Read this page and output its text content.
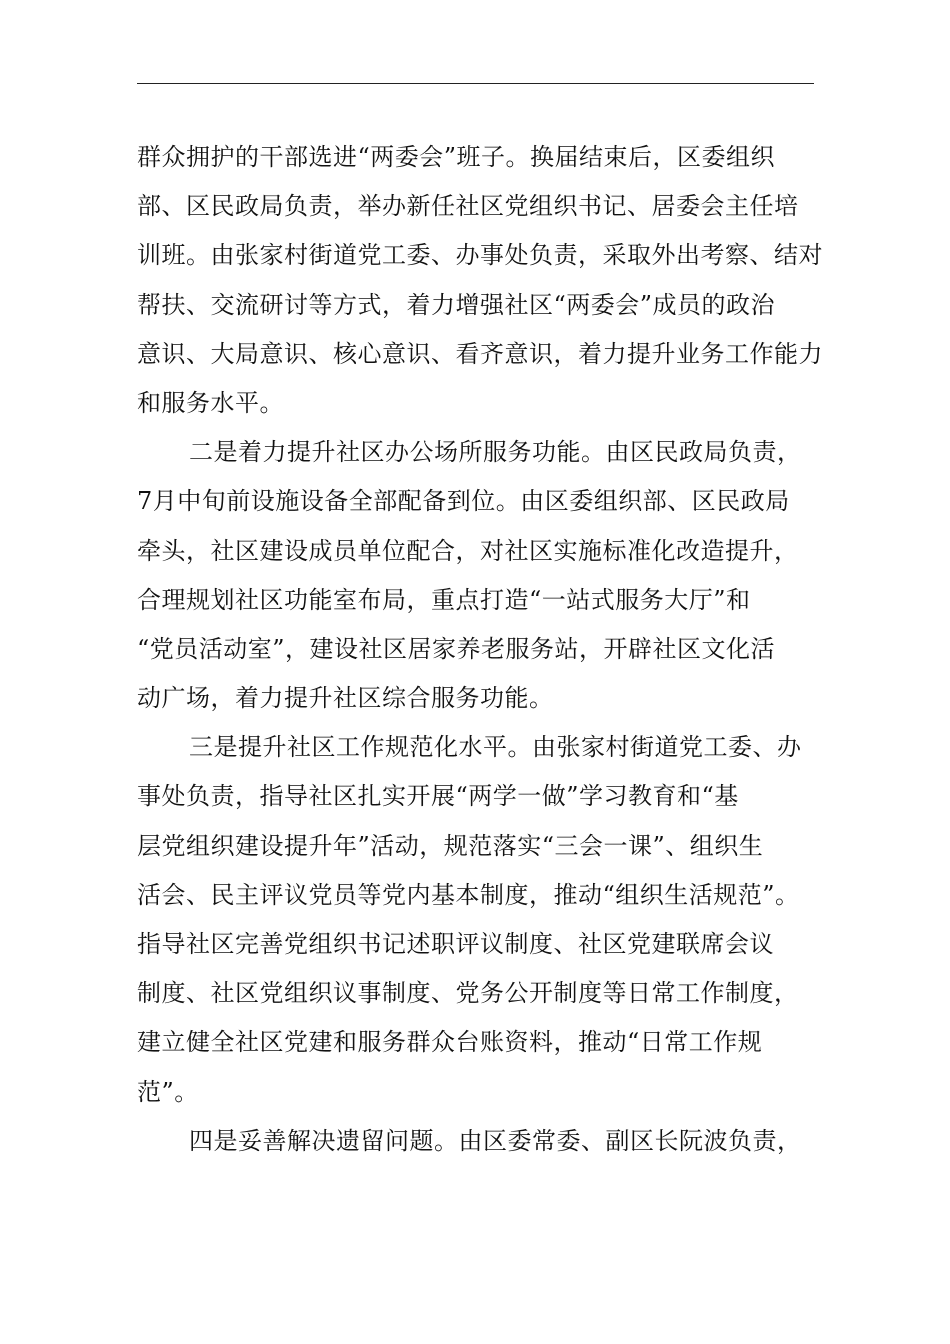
群众拥护的干部选进“两委会”班子。换届结束后，区委组织
部、区民政局负责，举办新任社区党组织书记、居委会主任培
训班。由张家村街道党工委、办事处负责，采取外出考察、结对
帮扶、交流研讨等方式，着力增强社区“两委会”成员的政治
意识、大局意识、核心意识、看齐意识，着力提升业务工作能力
和服务水平。
二是着力提升社区办公场所服务功能。由区民政局负责，
7月中旬前设施设备全部配备到位。由区委组织部、区民政局
牵头，社区建设成员单位配合，对社区实施标准化改造提升，
合理规划社区功能室布局，重点打造“一站式服务大厅”和
“党员活动室”，建设社区居家养老服务站，开辟社区文化活
动广场，着力提升社区综合服务功能。
三是提升社区工作规范化水平。由张家村街道党工委、办
事处负责，指导社区扎实开展“两学一做”学习教育和“基
层党组织建设提升年”活动，规范落实“三会一课”、组织生
活会、民主评议党员等党内基本制度，推动“组织生活规范”。
指导社区完善党组织书记述职评议制度、社区党建联席会议
制度、社区党组织议事制度、党务公开制度等日常工作制度，
建立健全社区党建和服务群众台账资料，推动“日常工作规
范”。
四是妥善解决遗留问题。由区委常委、副区长阮波负责，
